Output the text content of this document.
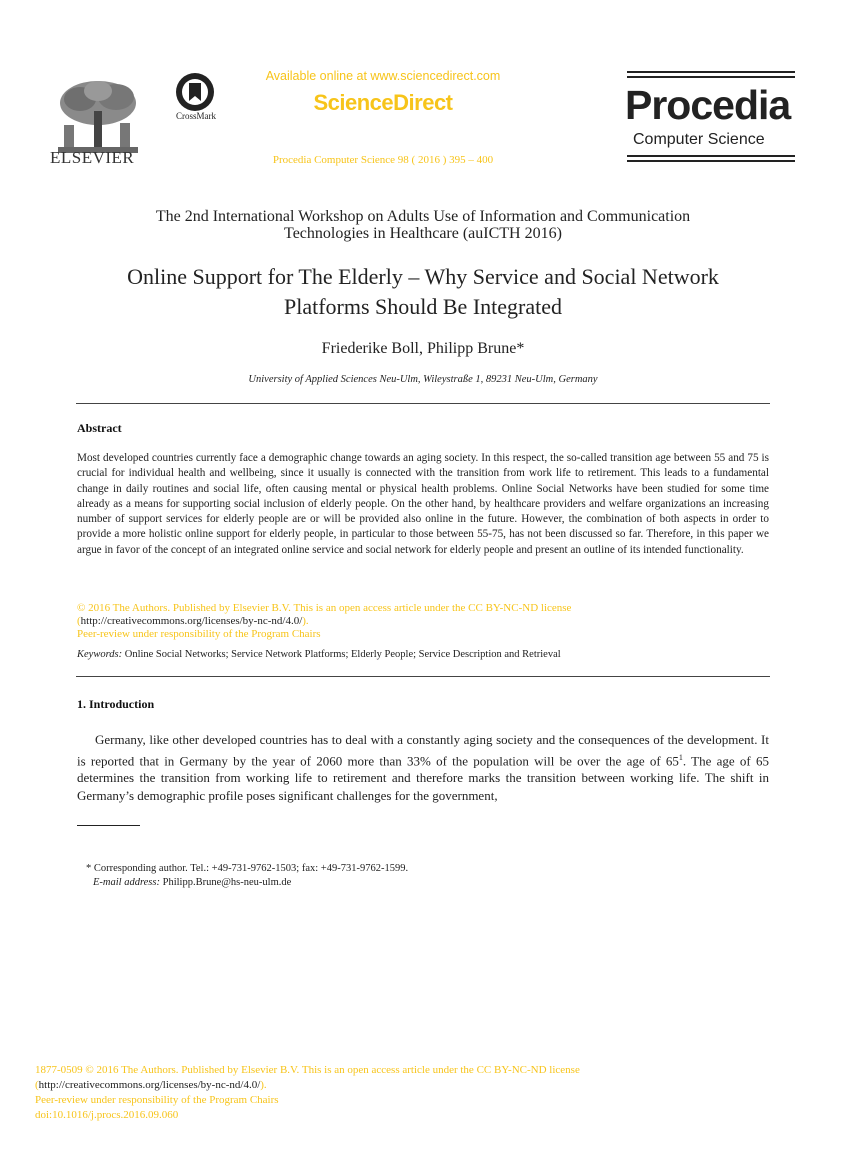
ELSEVIER
CrossMark
Available online at www.sciencedirect.com
ScienceDirect
Procedia Computer Science 98 ( 2016 ) 395 – 400
Procedia
Computer Science
The 2nd International Workshop on Adults Use of Information and Communication
Technologies in Healthcare (auICTH 2016)
Online Support for The Elderly – Why Service and Social Network
Platforms Should Be Integrated
Friederike Boll, Philipp Brune*
University of Applied Sciences Neu-Ulm, Wileystraße 1, 89231 Neu-Ulm, Germany
Abstract
Most developed countries currently face a demographic change towards an aging society. In this respect, the so-called transition age between 55 and 75 is crucial for individual health and wellbeing, since it usually is connected with the transition from work life to retirement. This leads to a fundamental change in daily routines and social life, often causing mental or physical health problems. Online Social Networks have been studied for some time already as a means for supporting social inclusion of elderly people. On the other hand, by healthcare providers and welfare organizations an increasing number of support services for elderly people are or will be provided also online in the future. However, the combination of both aspects in order to provide a more holistic online support for elderly people, in particular to those between 55-75, has not been discussed so far. Therefore, in this paper we argue in favor of the concept of an integrated online service and social network for elderly people and present an outline of its intended functionality.
© 2016 The Authors. Published by Elsevier B.V. This is an open access article under the CC BY-NC-ND license
(http://creativecommons.org/licenses/by-nc-nd/4.0/).
Peer-review under responsibility of the Program Chairs
Keywords: Online Social Networks; Service Network Platforms; Elderly People; Service Description and Retrieval
1. Introduction

Germany, like other developed countries has to deal with a constantly aging society and the consequences of the development. It is reported that in Germany by the year of 2060 more than 33% of the population will be over the age of $65^1$. The age of 65 determines the transition from working life to retirement and therefore marks the transition between working life. The shift in Germany’s demographic profile poses significant challenges for the government,

* Corresponding author. Tel.: +49-731-9762-1503; fax: +49-731-9762-1599.
E-mail address: Philipp.Brune@hs-neu-ulm.de
1877-0509 © 2016 The Authors. Published by Elsevier B.V. This is an open access article under the CC BY-NC-ND license
(http://creativecommons.org/licenses/by-nc-nd/4.0/).
Peer-review under responsibility of the Program Chairs
doi:10.1016/j.procs.2016.09.060
